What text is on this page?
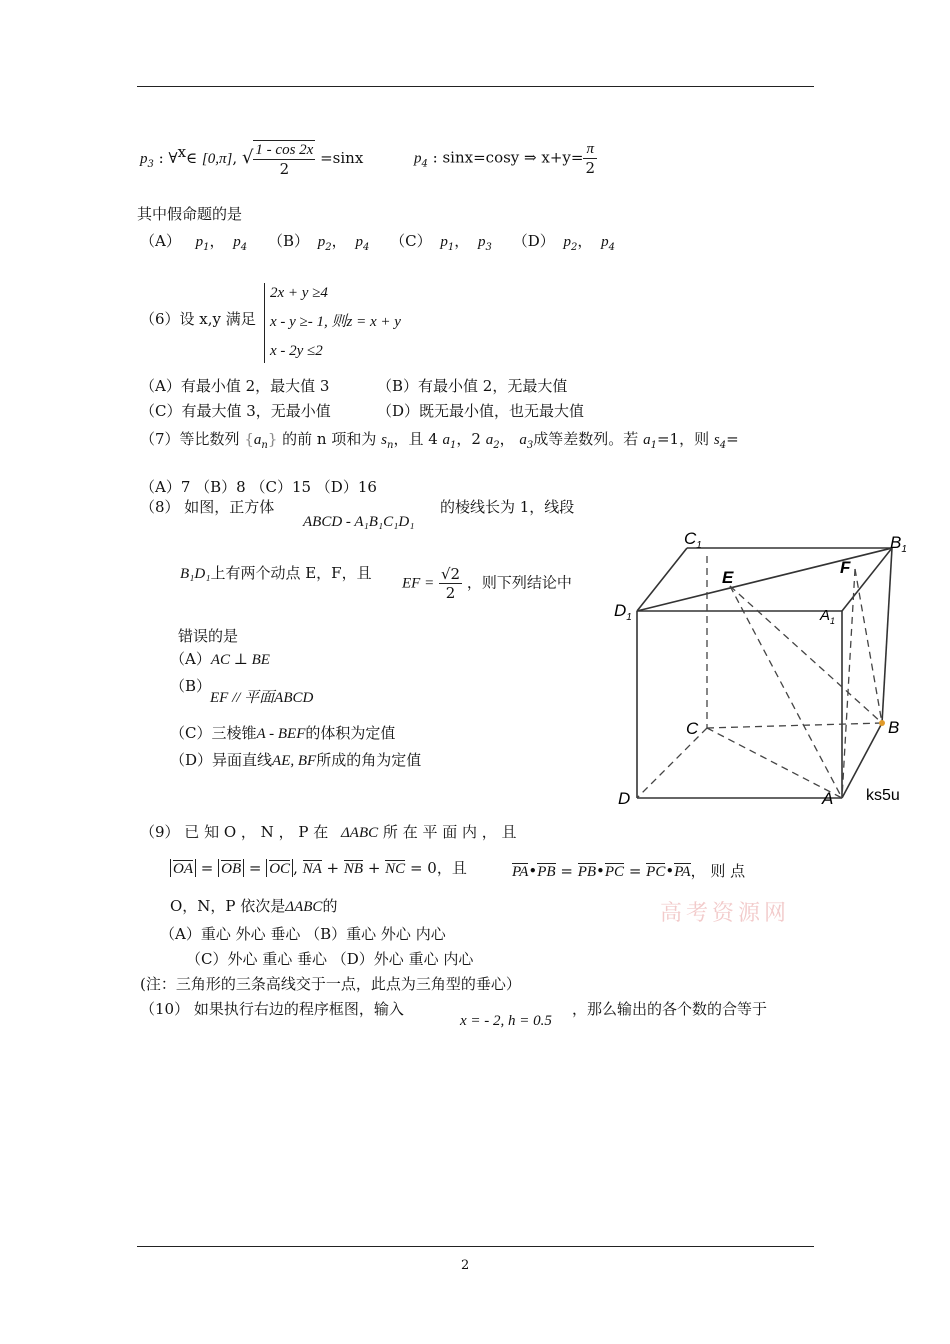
$p_3$ : ∀x∈ [0,π], √ $\frac{1 - \cos 2x}{2} =\sin x$	$p_4$ : sinx=cosy ⇒ $x+y= \frac{\pi}{2}$
其中假命题的是
（A） $p_1$， $p_4$ （B） $p_2$， $p_4$ （C） $p_1$， $p_3$ （D） $p_2$， $p_4$
（6）设 x,y 满足
2x + y ≥4
x - y ≥- 1, 则z = x + y
x - 2y ≤2
（A）有最小值 2，最大值 3	（B）有最小值 2，无最大值
（C）有最大值 3，无最小值	（D）既无最小值，也无最大值
（7）等比数列 $\{a_n\}$ 的前 n 项和为 $s_n$，且 4 $a_1$，2 $a_2$， $a_3$成等差数列。若 $a_1=1$，则 $s_4=$
（A）7 （B）8 （C）15 （D）16
（8） 如图，正方体
ABCD - A₁B₁C₁D₁
的棱线长为 1，线段
B₁D₁上有两个动点 E，F，且
EF = $\frac{√2}{2}$ ，则下列结论中
错误的是
（A）AC ⊥ BE
（B）
EF // 平面ABCD
（C）三棱锥A - BEF的体积为定值
（D）异面直线AE, BF所成的角为定值
$C_1$	$B_1$
$D_1$	$A_1$
E
F
C	B
D	A ks5u
（9） 已 知 O ， N ， P 在 ΔABC 所 在 平 面 内 ， 且
OA = OB = OC , NA + NB + NC = 0，且	PA•PB = PB•PC = PC•PA， 则 点
O，N，P 依次是ΔABC的	高考资源网
（A）重心 外心 垂心 （B）重心 外心 内心
（C）外心 重心 垂心 （D）外心 重心 内心
(注：三角形的三条高线交于一点，此点为三角型的垂心）
（10） 如果执行右边的程序框图，输入
x = - 2, h = 0.5
，那么输出的各个数的合等于
2
